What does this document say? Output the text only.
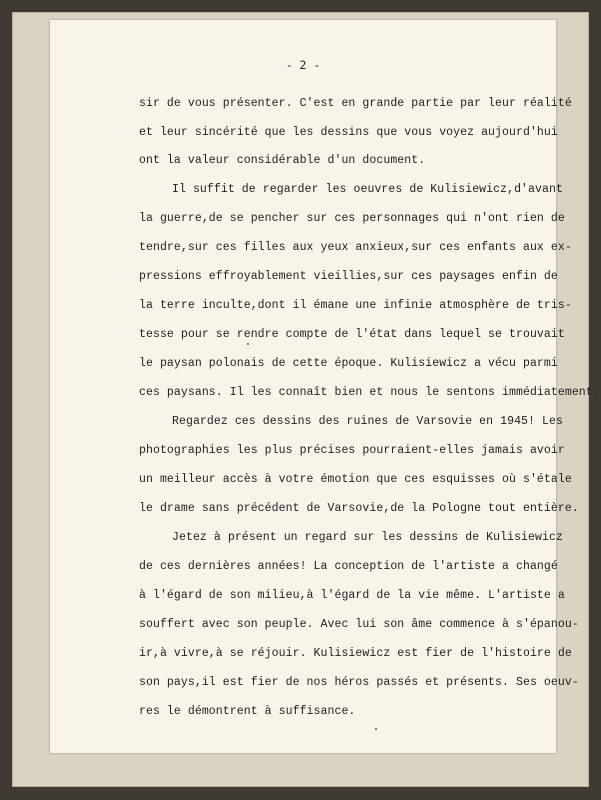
- 2 -
sir de vous présenter. C'est en grande partie par leur réalité
et leur sincérité que les dessins que vous voyez aujourd'hui
ont la valeur considérable d'un document.
Il suffit de regarder les oeuvres de Kulisiewicz,d'avant
la guerre,de se pencher sur ces personnages qui n'ont rien de
tendre,sur ces filles aux yeux anxieux,sur ces enfants aux ex-
pressions effroyablement vieillies,sur ces paysages enfin de
la terre inculte,dont il émane une infinie atmosphère de tris-
tesse pour se rendre compte de l'état dans lequel se trouvait
le paysan polonais de cette époque. Kulisiewicz a vécu parmi
ces paysans. Il les connaît bien et nous le sentons immédiatement.
Regardez ces dessins des ruines de Varsovie en 1945! Les
photographies les plus précises pourraient-elles jamais avoir
un meilleur accès à votre émotion que ces esquisses où s'étale
le drame sans précédent de Varsovie,de la Pologne tout entière.
Jetez à présent un regard sur les dessins de Kulisiewicz
de ces dernières années! La conception de l'artiste a changé
à l'égard de son milieu,à l'égard de la vie même. L'artiste a
souffert avec son peuple. Avec lui son âme commence à s'épanou-
ir,à vivre,à se réjouir. Kulisiewicz est fier de l'histoire de
son pays,il est fier de nos héros passés et présents. Ses oeuv-
res le démontrent à suffisance.
